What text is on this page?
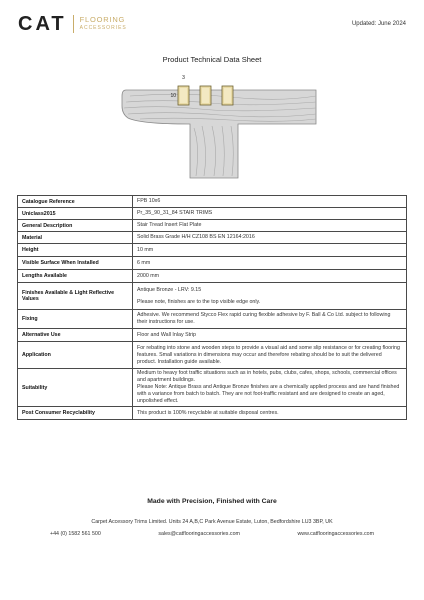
CAT FLOORING
ACCESSORIES
Updated: June 2024
Product Technical Data Sheet
3
10
Catalogue Reference	FPB 10x6

Uniclass2015	Pr_35_90_31_84 STAIR TRIMS

General Description	Stair Tread Insert Flat Plate

Material	Solid Brass Grade H/H CZ108 BS EN 12164:2016

Height	10 mm

Visible Surface When Installed	6 mm

Lengths Available	2000 mm

Finishes Available & Light Reflective Values	Antique Bronze - LRV: 9.15
Please note, finishes are to the top visible edge only.

Fixing	Adhesive. We recommend Stycco Flex rapid curing flexible adhesive by F. Ball & Co Ltd. subject to following their instructions for use.

Alternative Use	Floor and Wall Inlay Strip

Application	For rebating into stone and wooden steps to provide a visual aid and some slip resistance or for creating flooring features. Small variations in dimensions may occur and therefore rebating should be to suit the delivered product. Installation guide available.

Suitability	Medium to heavy foot traffic situations such as in hotels, pubs, clubs, cafes, shops, schools, commercial offices and apartment buildings.
Please Note: Antique Brass and Antique Bronze finishes are a chemically applied process and are hand finished with a variance from batch to batch. They are not foot-traffic resistant and are designed to create an aged, unpolished effect.

Post Consumer Recyclability	This product is 100% recyclable at suitable disposal centres.
Made with Precision, Finished with Care
Carpet Accessory Trims Limited. Units 24 A,B,C Park Avenue Estate, Luton, Bedfordshire LU3 3BP, UK
+44 (0) 1582 561 500	sales@catflooringaccessories.com	www.catflooringaccessories.com
